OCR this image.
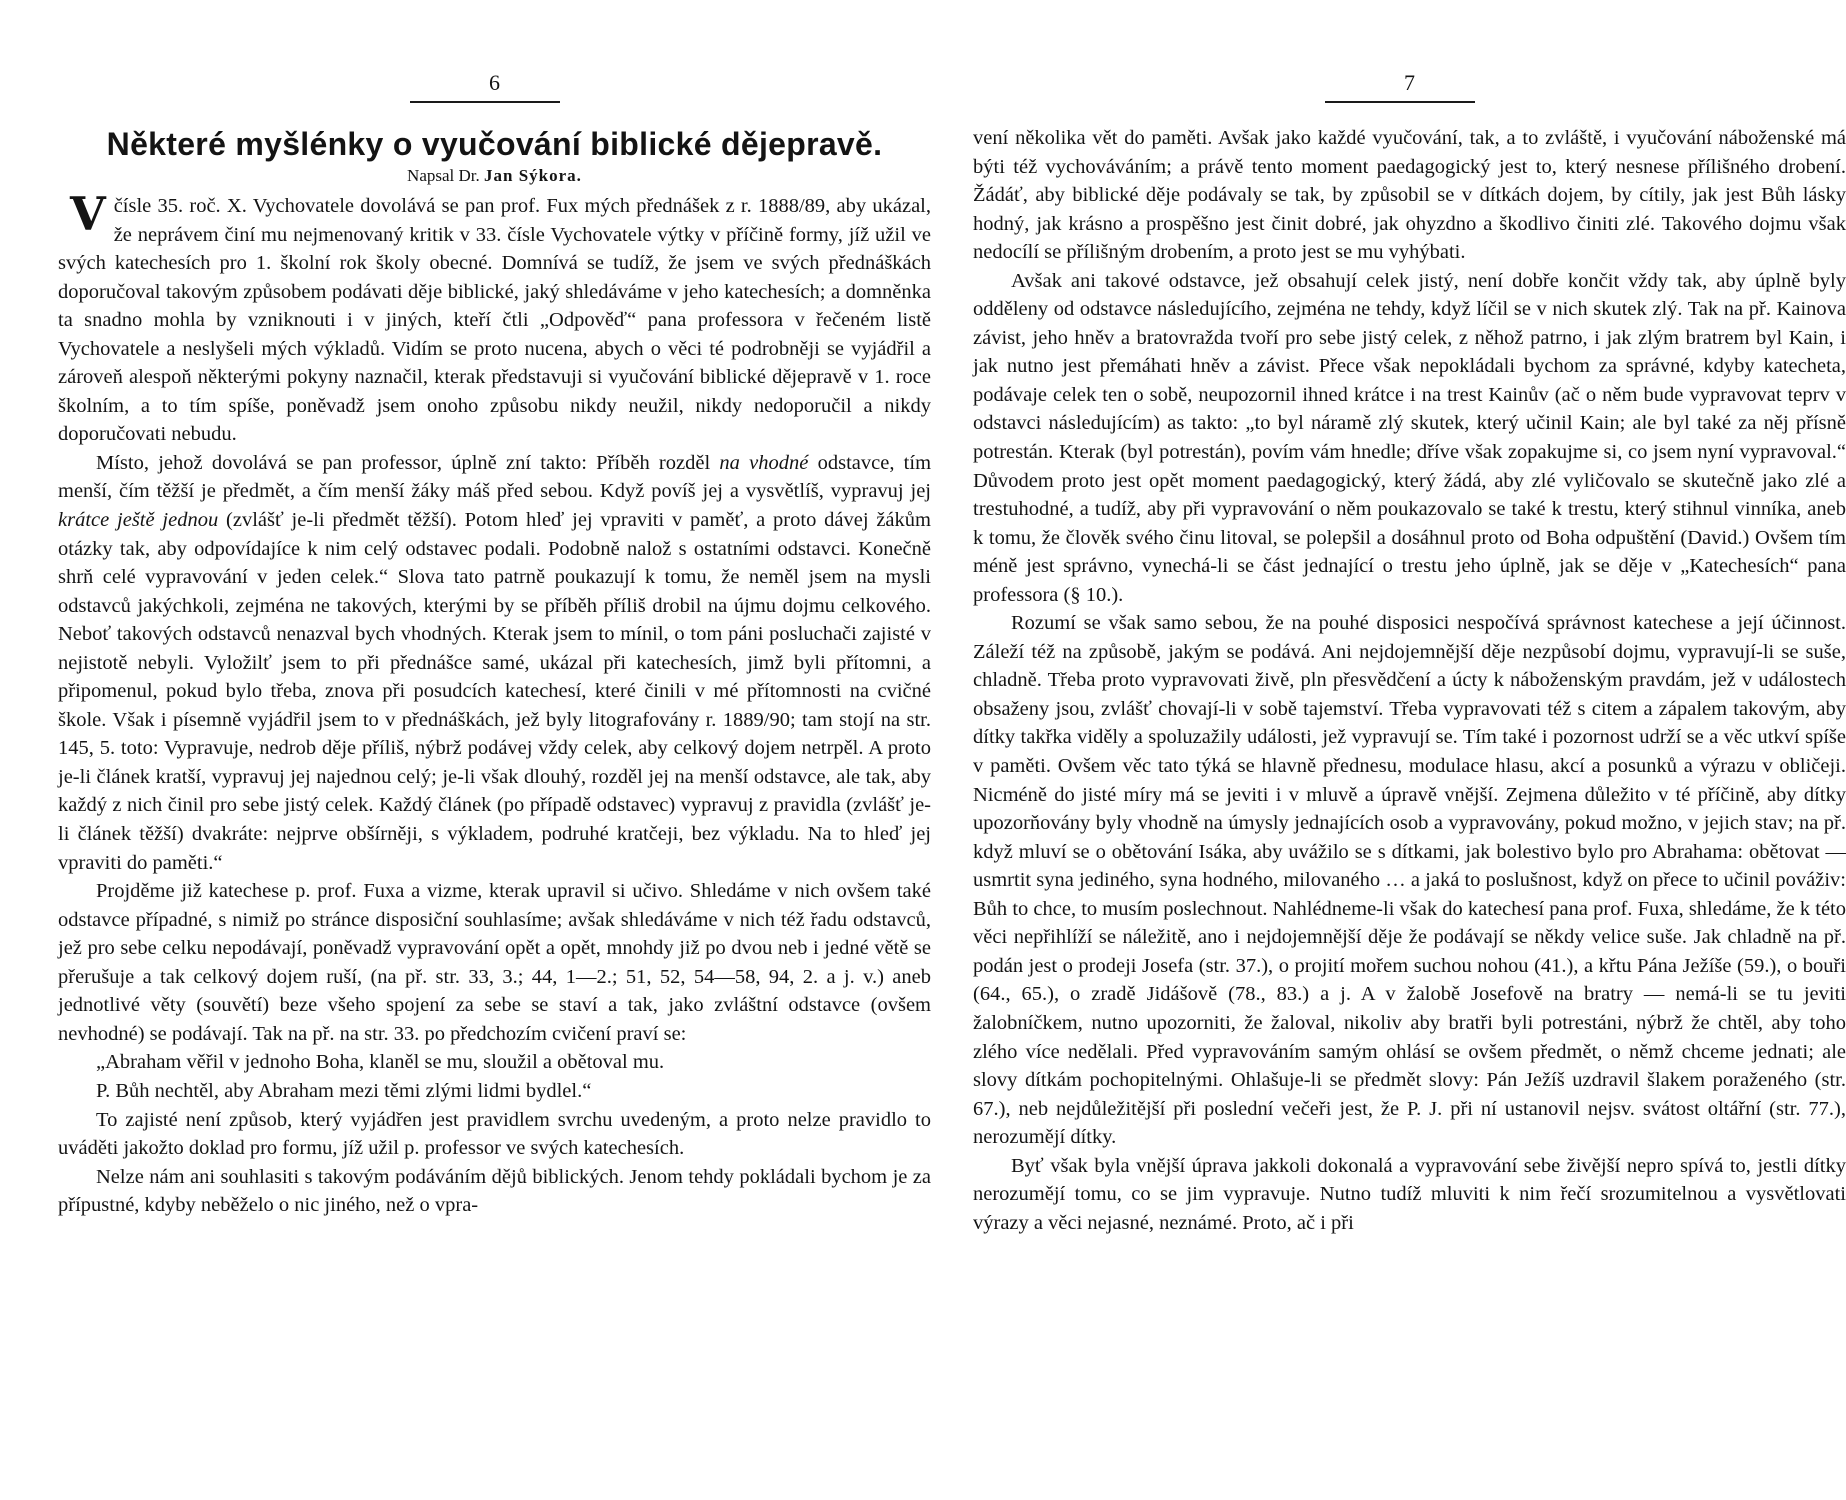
6
Některé myšlénky o vyučování biblické dějepravě.
Napsal Dr. Jan Sýkora.

Včísle 35. roč. X. Vychovatele dovolává se pan prof. Fux mých přednášek z r. 1888/89, aby ukázal, že neprávem činí mu nejmenovaný kritik v 33. čísle Vychovatele výtky v příčině formy, jíž užil ve svých katechesích pro 1. školní rok školy obecné. Domnívá se tudíž, že jsem ve svých přednáškách doporučoval takovým způsobem podávati děje biblické, jaký shledáváme v jeho katechesích; a domněnka ta snadno mohla by vzniknouti i v jiných, kteří čtli „Odpověď“ pana professora v řečeném listě Vychovatele a neslyšeli mých výkladů. Vidím se proto nucena, abych o věci té podrobněji se vyjádřil a zároveň alespoň některými pokyny naznačil, kterak představuji si vyučování biblické dějepravě v 1. roce školním, a to tím spíše, poněvadž jsem onoho způsobu nikdy neužil, nikdy nedoporučil a nikdy doporučovati nebudu.

Místo, jehož dovolává se pan professor, úplně zní takto: Příběh rozděl na vhodné odstavce, tím menší, čím těžší je předmět, a čím menší žáky máš před sebou. Když povíš jej a vysvětlíš, vypravuj jej krátce ještě jednou (zvlášť je-li předmět těžší). Potom hleď jej vpraviti v paměť, a proto dávej žákům otázky tak, aby odpovídajíce k nim celý odstavec podali. Podobně nalož s ostatními odstavci. Konečně shrň celé vypravování v jeden celek.“ Slova tato patrně poukazují k tomu, že neměl jsem na mysli odstavců jakýchkoli, zejména ne takových, kterými by se příběh příliš drobil na újmu dojmu celkového. Neboť takových odstavců nenazval bych vhodných. Kterak jsem to mínil, o tom páni posluchači zajisté v nejistotě nebyli. Vyložilť jsem to při přednášce samé, ukázal při katechesích, jimž byli přítomni, a připomenul, pokud bylo třeba, znova při posudcích katechesí, které činili v mé přítomnosti na cvičné škole. Však i písemně vyjádřil jsem to v přednáškách, jež byly litografovány r. 1889/90; tam stojí na str. 145, 5. toto: Vypravuje, nedrob děje příliš, nýbrž podávej vždy celek, aby celkový dojem netrpěl. A proto je-li článek kratší, vypravuj jej najednou celý; je-li však dlouhý, rozděl jej na menší odstavce, ale tak, aby každý z nich činil pro sebe jistý celek. Každý článek (po případě odstavec) vypravuj z pravidla (zvlášť je-li článek těžší) dvakráte: nejprve obšírněji, s výkladem, podruhé kratčeji, bez výkladu. Na to hleď jej vpraviti do paměti.“

Projděme již katechese p. prof. Fuxa a vizme, kterak upravil si učivo. Shledáme v nich ovšem také odstavce případné, s nimiž po stránce disposiční souhlasíme; avšak shledáváme v nich též řadu odstavců, jež pro sebe celku nepodávají, poněvadž vypravování opět a opět, mnohdy již po dvou neb i jedné větě se přerušuje a tak celkový dojem ruší, (na př. str. 33, 3.; 44, 1—2.; 51, 52, 54—58, 94, 2. a j. v.) aneb jednotlivé věty (souvětí) beze všeho spojení za sebe se staví a tak, jako zvláštní odstavce (ovšem nevhodné) se podávají. Tak na př. na str. 33. po předchozím cvičení praví se:

„Abraham věřil v jednoho Boha, klaněl se mu, sloužil a obětoval mu.

P. Bůh nechtěl, aby Abraham mezi těmi zlými lidmi bydlel.“

To zajisté není způsob, který vyjádřen jest pravidlem svrchu uvedeným, a proto nelze pravidlo to uváděti jakožto doklad pro formu, jíž užil p. professor ve svých katechesích.

Nelze nám ani souhlasiti s takovým podáváním dějů biblických. Jenom tehdy pokládali bychom je za přípustné, kdyby neběželo o nic jiného, než o vpra-

7

vení několika vět do paměti. Avšak jako každé vyučování, tak, a to zvláště, i vyučování náboženské má býti též vychováváním; a právě tento moment paedagogický jest to, který nesnese přílišného drobení. Žádáť, aby biblické děje podávaly se tak, by způsobil se v dítkách dojem, by cítily, jak jest Bůh lásky hodný, jak krásno a prospěšno jest činit dobré, jak ohyzdno a škodlivo činiti zlé. Takového dojmu však nedocílí se přílišným drobením, a proto jest se mu vyhýbati.

Avšak ani takové odstavce, jež obsahují celek jistý, není dobře končit vždy tak, aby úplně byly odděleny od odstavce následujícího, zejména ne tehdy, když líčil se v nich skutek zlý. Tak na př. Kainova závist, jeho hněv a bratovražda tvoří pro sebe jistý celek, z něhož patrno, i jak zlým bratrem byl Kain, i jak nutno jest přemáhati hněv a závist. Přece však nepokládali bychom za správné, kdyby katecheta, podávaje celek ten o sobě, neupozornil ihned krátce i na trest Kainův (ač o něm bude vypravovat teprv v odstavci následujícím) as takto: „to byl náramě zlý skutek, který učinil Kain; ale byl také za něj přísně potrestán. Kterak (byl potrestán), povím vám hnedle; dříve však zopakujme si, co jsem nyní vypravoval.“ Důvodem proto jest opět moment paedagogický, který žádá, aby zlé vyličovalo se skutečně jako zlé a trestuhodné, a tudíž, aby při vypravování o něm poukazovalo se také k trestu, který stihnul vinníka, aneb k tomu, že člověk svého činu litoval, se polepšil a dosáhnul proto od Boha odpuštění (David.) Ovšem tím méně jest správno, vynechá-li se část jednající o trestu jeho úplně, jak se děje v „Katechesích“ pana professora (§ 10.).

Rozumí se však samo sebou, že na pouhé disposici nespočívá správnost katechese a její účinnost. Záleží též na způsobě, jakým se podává. Ani nejdojemnější děje nezpůsobí dojmu, vypravují-li se suše, chladně. Třeba proto vypravovati živě, pln přesvědčení a úcty k náboženským pravdám, jež v událostech obsaženy jsou, zvlášť chovají-li v sobě tajemství. Třeba vypravovati též s citem a zápalem takovým, aby dítky takřka viděly a spoluzažily události, jež vypravují se. Tím také i pozornost udrží se a věc utkví spíše v paměti. Ovšem věc tato týká se hlavně přednesu, modulace hlasu, akcí a posunků a výrazu v obličeji. Nicméně do jisté míry má se jeviti i v mluvě a úpravě vnější. Zejmena důležito v té příčině, aby dítky upozorňovány byly vhodně na úmysly jednajících osob a vypravovány, pokud možno, v jejich stav; na př. když mluví se o obětování Isáka, aby uvážilo se s dítkami, jak bolestivo bylo pro Abrahama: obětovat — usmrtit syna jediného, syna hodného, milovaného … a jaká to poslušnost, když on přece to učinil pováživ: Bůh to chce, to musím poslechnout. Nahlédneme-li však do katechesí pana prof. Fuxa, shledáme, že k této věci nepřihlíží se náležitě, ano i nejdojemnější děje že podávají se někdy velice suše. Jak chladně na př. podán jest o prodeji Josefa (str. 37.), o projití mořem suchou nohou (41.), a křtu Pána Ježíše (59.), o bouři (64., 65.), o zradě Jidášově (78., 83.) a j. A v žalobě Josefově na bratry — nemá-li se tu jeviti žalobníčkem, nutno upozorniti, že žaloval, nikoliv aby bratři byli potrestáni, nýbrž že chtěl, aby toho zlého více nedělali. Před vypravováním samým ohlásí se ovšem předmět, o němž chceme jednati; ale slovy dítkám pochopitelnými. Ohlašuje-li se předmět slovy: Pán Ježíš uzdravil šlakem poraženého (str. 67.), neb nejdůležitější při poslední večeři jest, že P. J. při ní ustanovil nejsv. svátost oltářní (str. 77.), nerozumějí dítky.

Byť však byla vnější úprava jakkoli dokonalá a vypravování sebe živější nepro spívá to, jestli dítky nerozumějí tomu, co se jim vypravuje. Nutno tudíž mluviti k nim řečí srozumitelnou a vysvětlovati výrazy a věci nejasné, neznámé. Proto, ač i při
